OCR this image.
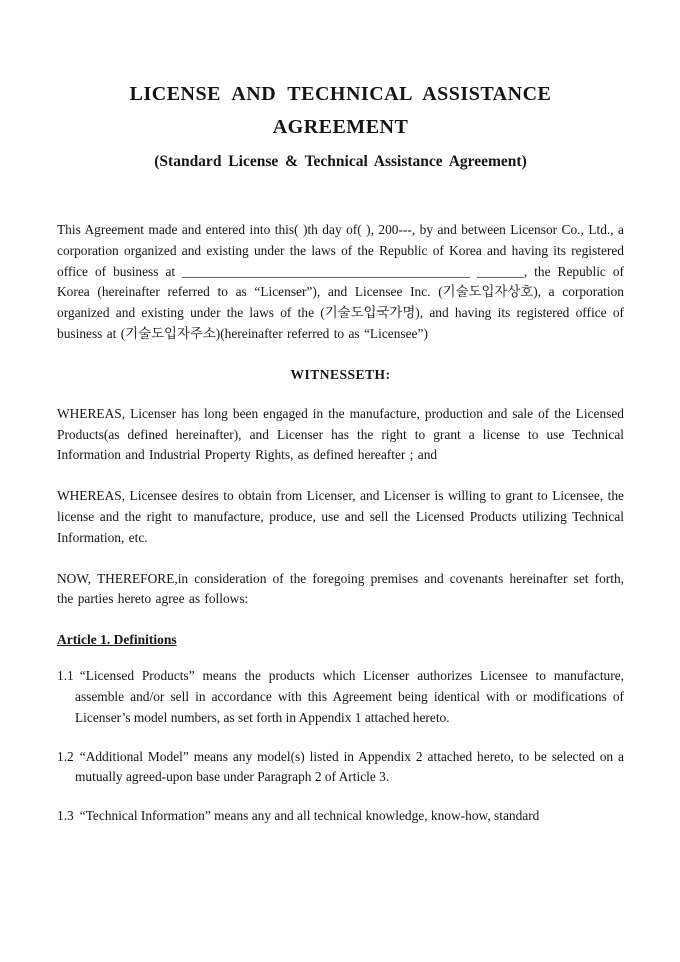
LICENSE AND TECHNICAL ASSISTANCE AGREEMENT
(Standard License & Technical Assistance Agreement)

This Agreement made and entered into this( )th day of( ), 200---, by and between Licensor Co., Ltd., a corporation organized and existing under the laws of the Republic of Korea and having its registered office of business at ___________________________________________ _______, the Republic of Korea (hereinafter referred to as “Licenser”), and Licensee Inc. (기술도입자상호), a corporation organized and existing under the laws of the (기술도입국가명), and having its registered office of business at (기술도입자주소)(hereinafter referred to as “Licensee”)

WITNESSETH:

WHEREAS, Licenser has long been engaged in the manufacture, production and sale of the Licensed Products(as defined hereinafter), and Licenser has the right to grant a license to use Technical Information and Industrial Property Rights, as defined hereafter ; and

WHEREAS, Licensee desires to obtain from Licenser, and Licenser is willing to grant to Licensee, the license and the right to manufacture, produce, use and sell the Licensed Products utilizing Technical Information, etc.

NOW, THEREFORE,in consideration of the foregoing premises and covenants hereinafter set forth, the parties hereto agree as follows:

Article 1. Definitions
1.1 “Licensed Products” means the products which Licenser authorizes Licensee to manufacture, assemble and/or sell in accordance with this Agreement being identical with or modifications of Licenser’s model numbers, as set forth in Appendix 1 attached hereto.
1.2 “Additional Model” means any model(s) listed in Appendix 2 attached hereto, to be selected on a mutually agreed-upon base under Paragraph 2 of Article 3.
1.3 “Technical Information” means any and all technical knowledge, know-how, standard
